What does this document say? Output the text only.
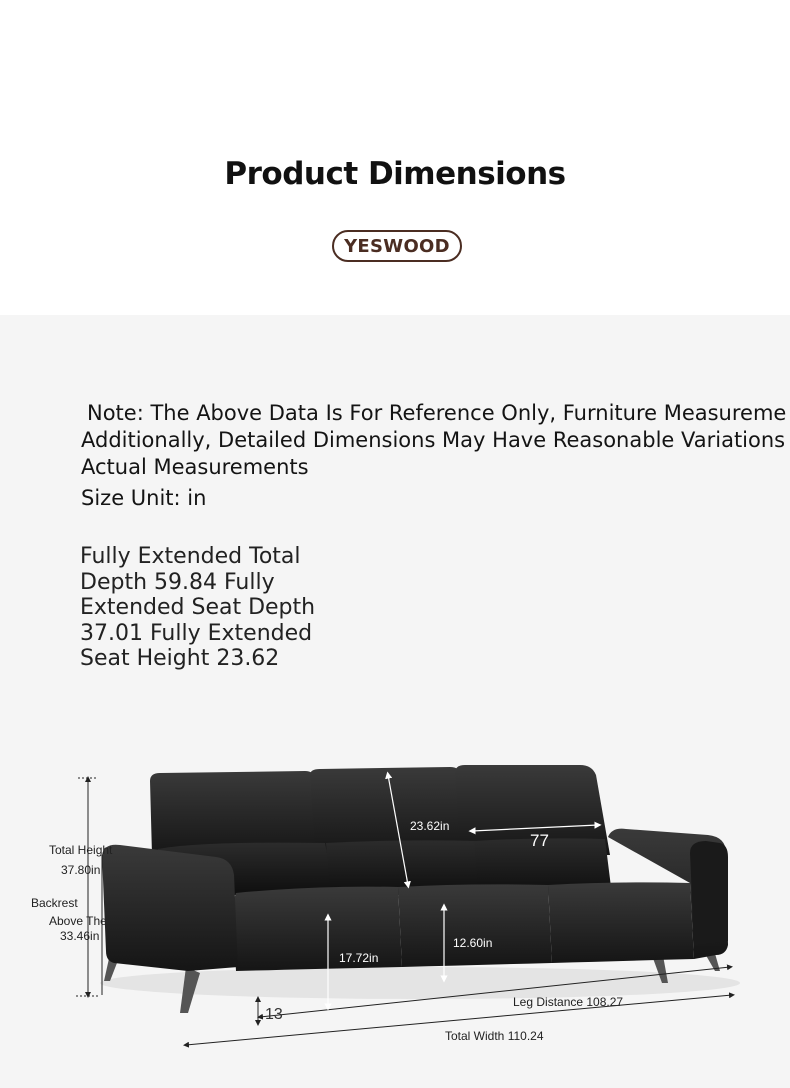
Product Dimensions
YESWOOD
Note: The Above Data Is For Reference Only, Furniture Measureme
Additionally, Detailed Dimensions May Have Reasonable Variations
Actual Measurements
Size Unit: in
Fully Extended Total Depth 59.84 Fully Extended Seat Depth 37.01 Fully Extended Seat Height 23.62
Total Height
37.80in
Backrest
Above The
33.46in
23.62in
77
17.72in
12.60in
13
Leg Distance 108.27
Total Width 110.24
